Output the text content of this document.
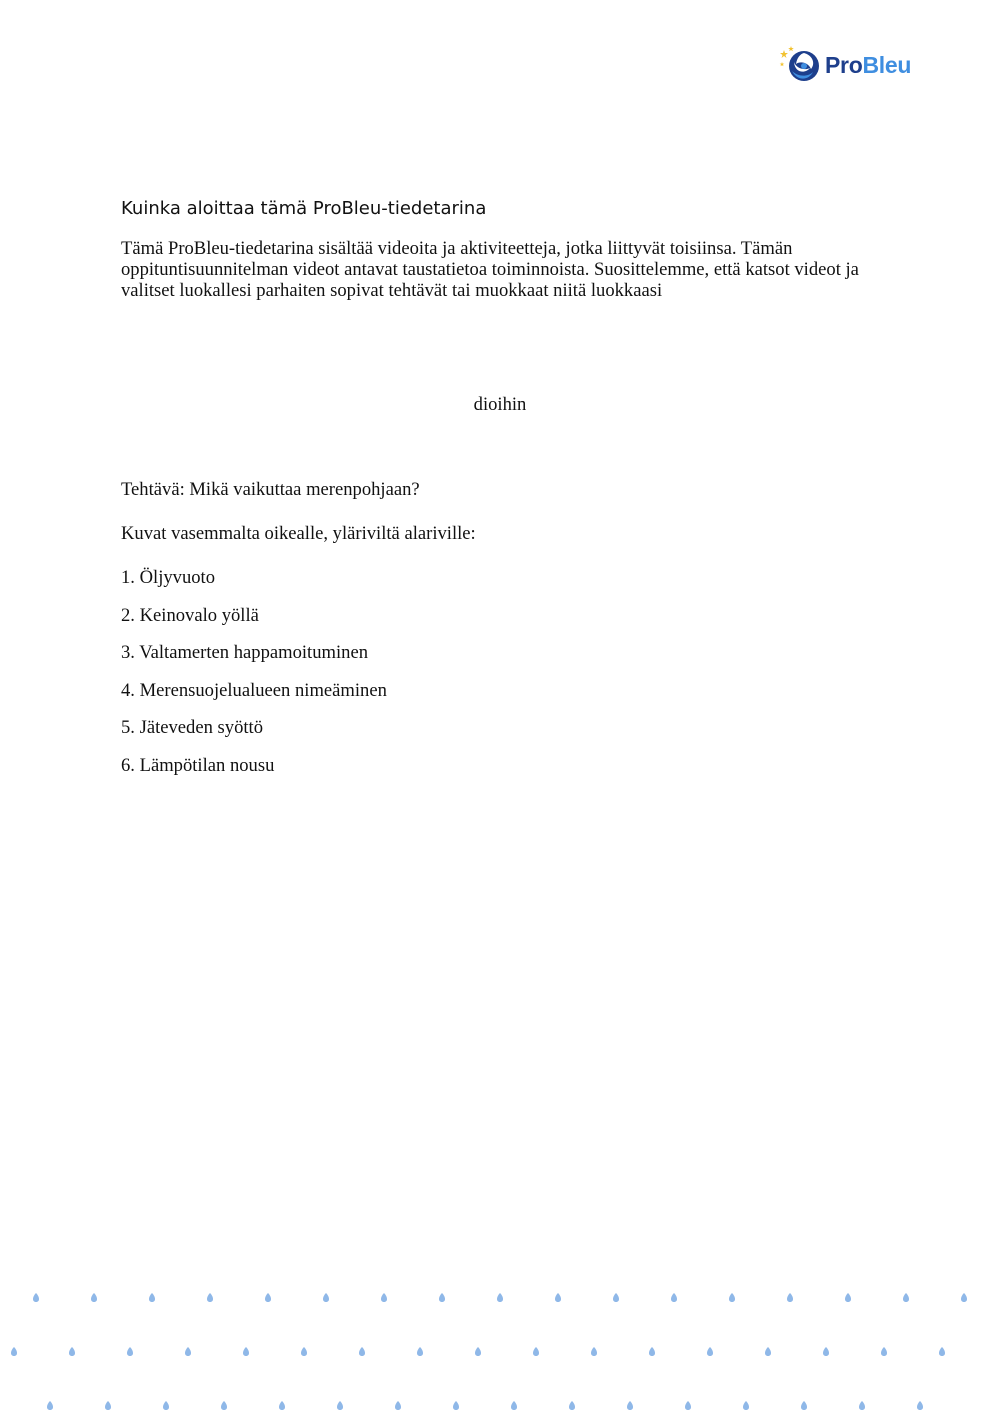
ProBleu
Kuinka aloittaa tämä ProBleu-tiedetarina

Tämä ProBleu-tiedetarina sisältää videoita ja aktiviteetteja, jotka liittyvät toisiinsa. Tämän oppituntisuunnitelman videot antavat taustatietoa toiminnoista. Suosittelemme, että katsot videot ja valitset luokallesi parhaiten sopivat tehtävät tai muokkaat niitä luokkaasi

dioihin
Tehtävä: Mikä vaikuttaa merenpohjaan?
Kuvat vasemmalta oikealle, yläriviltä alariville:
1. Öljyvuoto
2. Keinovalo yöllä
3. Valtamerten happamoituminen
4. Merensuojelualueen nimeäminen
5. Jäteveden syöttö
6. Lämpötilan nousu
